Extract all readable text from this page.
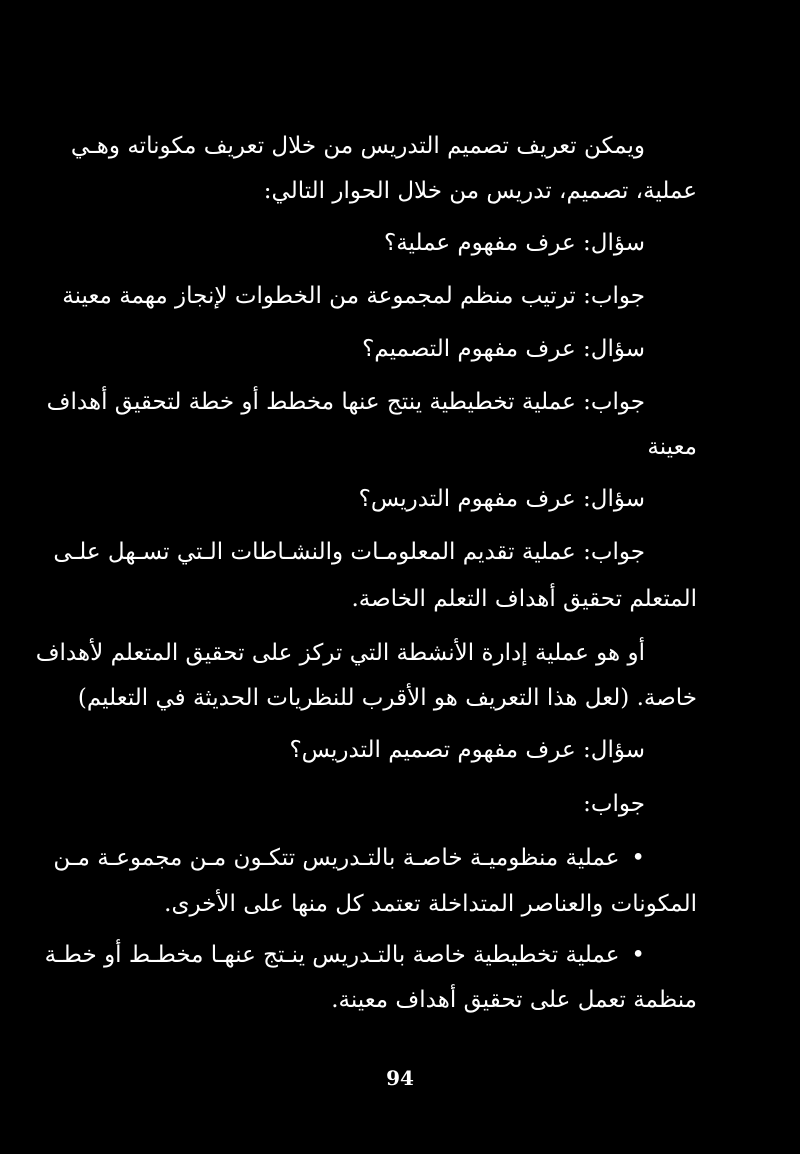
ويمكن تعريف تصميم التدريس من خلال تعريف مكوناته وهـي
عملية، تصميم، تدريس من خلال الحوار التالي:
سؤال: عرف مفهوم عملية؟
جواب: ترتيب منظم لمجموعة من الخطوات لإنجاز مهمة معينة
سؤال: عرف مفهوم التصميم؟
جواب: عملية تخطيطية ينتج عنها مخطط أو خطة لتحقيق أهداف
معينة
سؤال: عرف مفهوم التدريس؟
جواب: عملية تقديم المعلومـات والنشـاطات الـتي تسـهل علـى
المتعلم تحقيق أهداف التعلم الخاصة.
أو هو عملية إدارة الأنشطة التي تركز على تحقيق المتعلم لأهداف
خاصة. (لعل هذا التعريف هو الأقرب للنظريات الحديثة في التعليم)
سؤال: عرف مفهوم تصميم التدريس؟
جواب:
•عملية منظوميـة خاصـة بالتـدريس تتكـون مـن مجموعـة مـن
المكونات والعناصر المتداخلة تعتمد كل منها على الأخرى.
•عملية تخطيطية خاصة بالتـدريس ينـتج عنهـا مخطـط أو خطـة
منظمة تعمل على تحقيق أهداف معينة.
94
